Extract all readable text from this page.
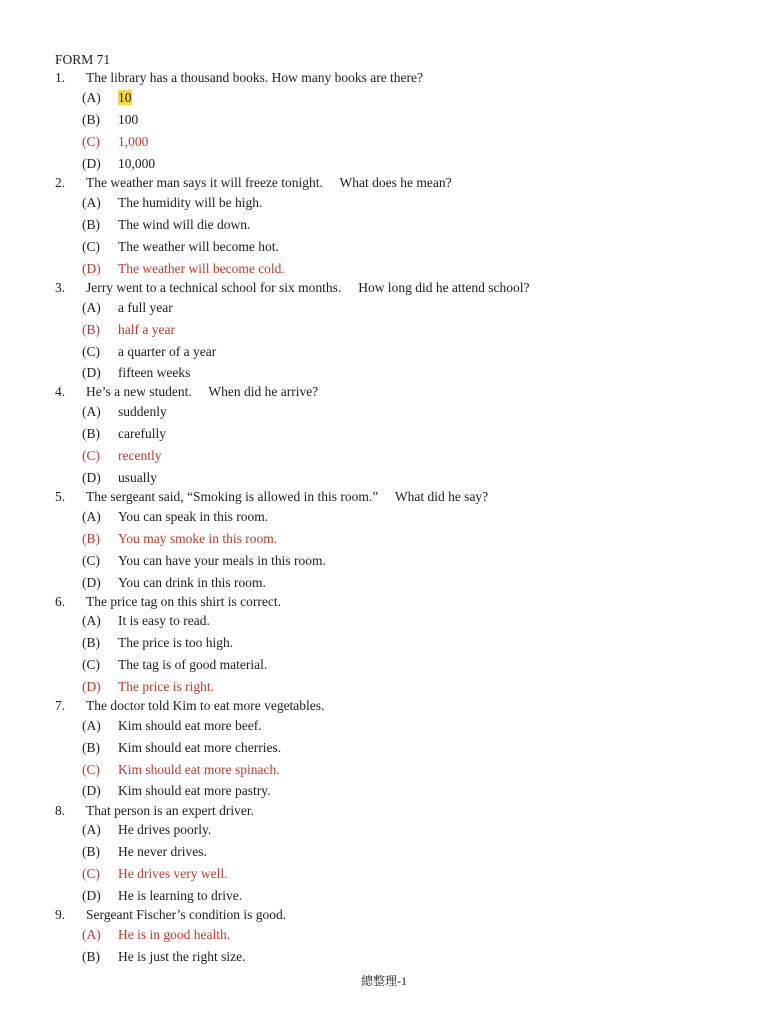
FORM 71
1. The library has a thousand books. How many books are there?
(A) 10
(B) 100
(C) 1,000
(D) 10,000
2. The weather man says it will freeze tonight.     What does he mean?
(A) The humidity will be high.
(B) The wind will die down.
(C) The weather will become hot.
(D) The weather will become cold.
3. Jerry went to a technical school for six months.     How long did he attend school?
(A) a full year
(B) half a year
(C) a quarter of a year
(D) fifteen weeks
4. He’s a new student.     When did he arrive?
(A) suddenly
(B) carefully
(C) recently
(D) usually
5. The sergeant said, “Smoking is allowed in this room.”     What did he say?
(A) You can speak in this room.
(B) You may smoke in this room.
(C) You can have your meals in this room.
(D) You can drink in this room.
6. The price tag on this shirt is correct.
(A) It is easy to read.
(B) The price is too high.
(C) The tag is of good material.
(D) The price is right.
7. The doctor told Kim to eat more vegetables.
(A) Kim should eat more beef.
(B) Kim should eat more cherries.
(C) Kim should eat more spinach.
(D) Kim should eat more pastry.
8. That person is an expert driver.
(A) He drives poorly.
(B) He never drives.
(C) He drives very well.
(D) He is learning to drive.
9. Sergeant Fischer’s condition is good.
(A) He is in good health.
(B) He is just the right size.
總整理-1
